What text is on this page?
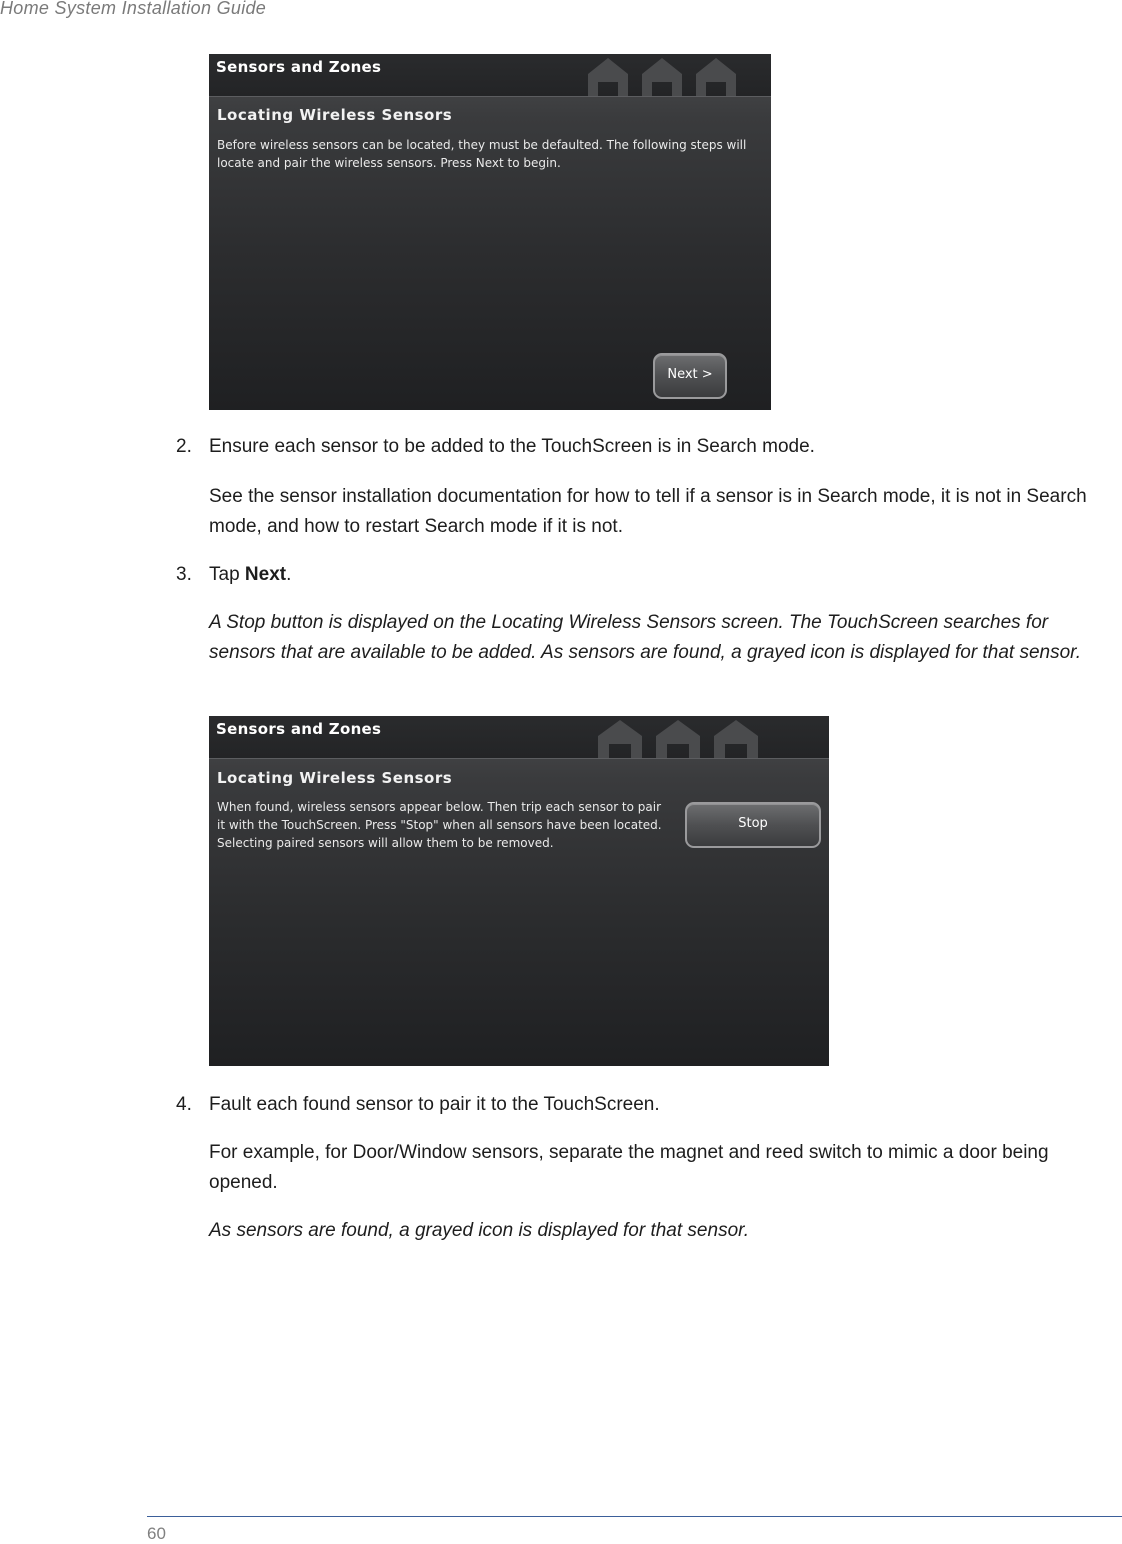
Home System Installation Guide
Sensors and Zones
Locating Wireless Sensors
Before wireless sensors can be located, they must be defaulted. The following steps will locate and pair the wireless sensors. Press Next to begin.
Next >
2. Ensure each sensor to be added to the TouchScreen is in Search mode.
See the sensor installation documentation for how to tell if a sensor is in Search mode, it is not in Search mode, and how to restart Search mode if it is not.
3. Tap Next.
A Stop button is displayed on the Locating Wireless Sensors screen. The TouchScreen searches for sensors that are available to be added. As sensors are found, a grayed icon is displayed for that sensor.
Sensors and Zones
Locating Wireless Sensors
When found, wireless sensors appear below. Then trip each sensor to pair it with the TouchScreen. Press "Stop" when all sensors have been located. Selecting paired sensors will allow them to be removed.
Stop
4. Fault each found sensor to pair it to the TouchScreen.
For example, for Door/Window sensors, separate the magnet and reed switch to mimic a door being opened.
As sensors are found, a grayed icon is displayed for that sensor.
60
